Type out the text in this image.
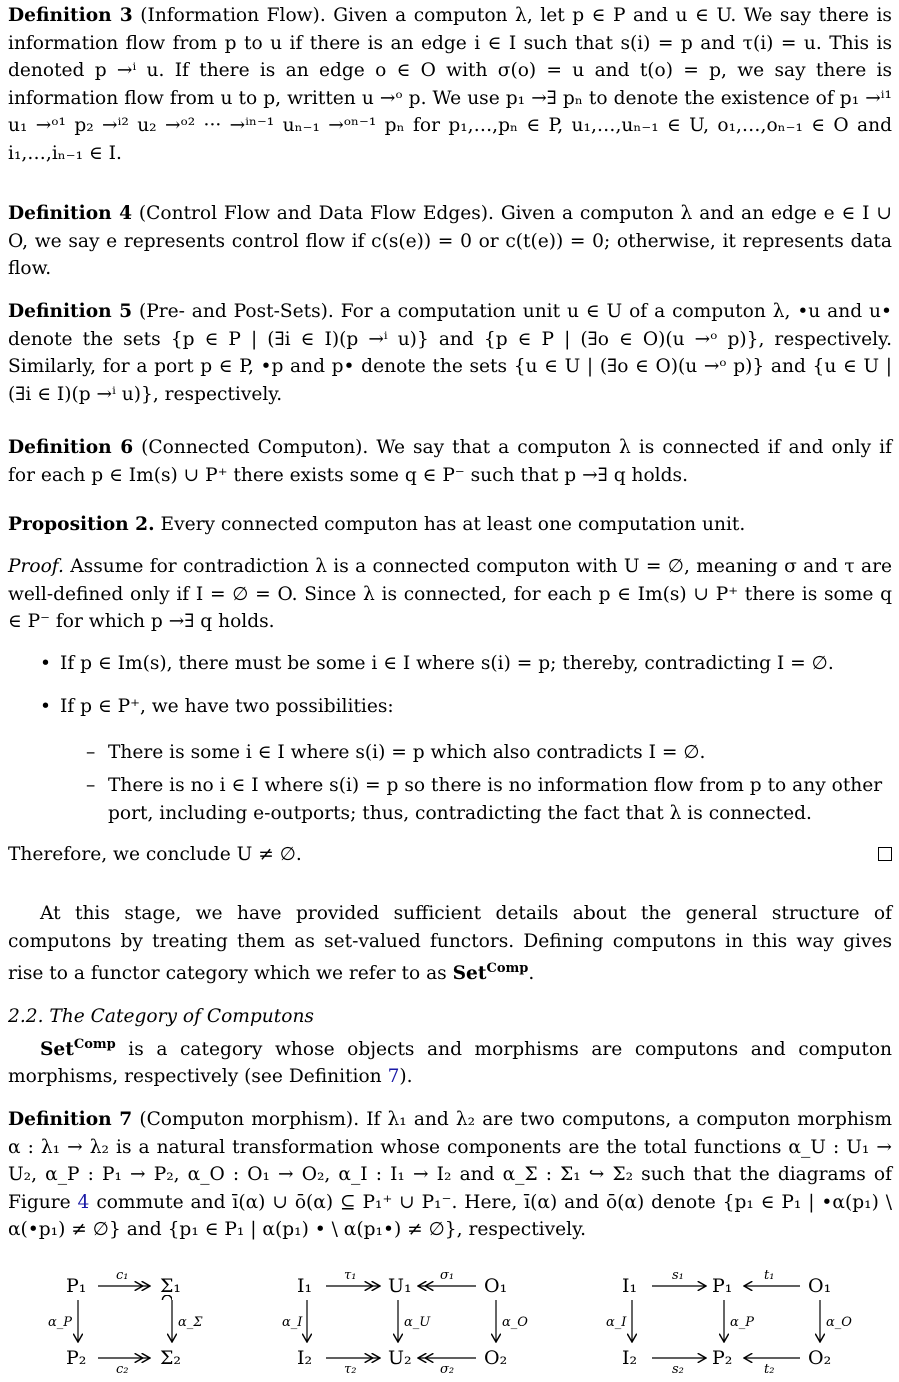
Definition 3 (Information Flow). Given a computon λ, let p ∈ P and u ∈ U. We say there is information flow from p to u if there is an edge i ∈ I such that s(i) = p and τ(i) = u. This is denoted p →ⁱ u. If there is an edge o ∈ O with σ(o) = u and t(o) = p, we say there is information flow from u to p, written u →ᵒ p. We use p₁ →∃ pₙ to denote the existence of p₁ →ⁱ¹ u₁ →ᵒ¹ p₂ →ⁱ² u₂ →ᵒ² ··· →ⁱⁿ⁻¹ uₙ₋₁ →ᵒⁿ⁻¹ pₙ for p₁,…,pₙ ∈ P, u₁,…,uₙ₋₁ ∈ U, o₁,…,oₙ₋₁ ∈ O and i₁,…,iₙ₋₁ ∈ I.

Definition 4 (Control Flow and Data Flow Edges). Given a computon λ and an edge e ∈ I ∪ O, we say e represents control flow if c(s(e)) = 0 or c(t(e)) = 0; otherwise, it represents data flow.

Definition 5 (Pre- and Post-Sets). For a computation unit u ∈ U of a computon λ, •u and u• denote the sets {p ∈ P | (∃i ∈ I)(p →ⁱ u)} and {p ∈ P | (∃o ∈ O)(u →ᵒ p)}, respectively. Similarly, for a port p ∈ P, •p and p• denote the sets {u ∈ U | (∃o ∈ O)(u →ᵒ p)} and {u ∈ U | (∃i ∈ I)(p →ⁱ u)}, respectively.

Definition 6 (Connected Computon). We say that a computon λ is connected if and only if for each p ∈ Im(s) ∪ P⁺ there exists some q ∈ P⁻ such that p →∃ q holds.

Proposition 2. Every connected computon has at least one computation unit.

Proof. Assume for contradiction λ is a connected computon with U = ∅, meaning σ and τ are well-defined only if I = ∅ = O. Since λ is connected, for each p ∈ Im(s) ∪ P⁺ there is some q ∈ P⁻ for which p →∃ q holds.

• If p ∈ Im(s), there must be some i ∈ I where s(i) = p; thereby, contradicting I = ∅.
• If p ∈ P⁺, we have two possibilities:
– There is some i ∈ I where s(i) = p which also contradicts I = ∅.
– There is no i ∈ I where s(i) = p so there is no information flow from p to any other port, including e-outports; thus, contradicting the fact that λ is connected.

Therefore, we conclude U ≠ ∅.

At this stage, we have provided sufficient details about the general structure of computons by treating them as set-valued functors. Defining computons in this way gives rise to a functor category which we refer to as Set$^{Comp}$.

2.2. The Category of Computons

Set$^{Comp}$ is a category whose objects and morphisms are computons and computon morphisms, respectively (see Definition 7).

Definition 7 (Computon morphism). If λ₁ and λ₂ are two computons, a computon morphism α : λ₁ → λ₂ is a natural transformation whose components are the total functions α_U : U₁ → U₂, α_P : P₁ → P₂, α_O : O₁ → O₂, α_I : I₁ → I₂ and α_Σ : Σ₁ ↪ Σ₂ such that the diagrams of Figure 4 commute and ī(α) ∪ ō(α) ⊆ P₁⁺ ∪ P₁⁻. Here, ī(α) and ō(α) denote {p₁ ∈ P₁ | •α(p₁) \ α(•p₁) ≠ ∅} and {p₁ ∈ P₁ | α(p₁) • \ α(p₁•) ≠ ∅}, respectively.

P₁	Σ₁
P₂	Σ₂
c₁
c₂
α_P	α_Σ
I₁	U₁	O₁
I₂	U₂	O₂
τ₁	σ₁
τ₂	σ₂
α_I	α_U	α_O
I₁	P₁	O₁
I₂	P₂	O₂
s₁	t₁
s₂	t₂
α_I	α_P	α_O
